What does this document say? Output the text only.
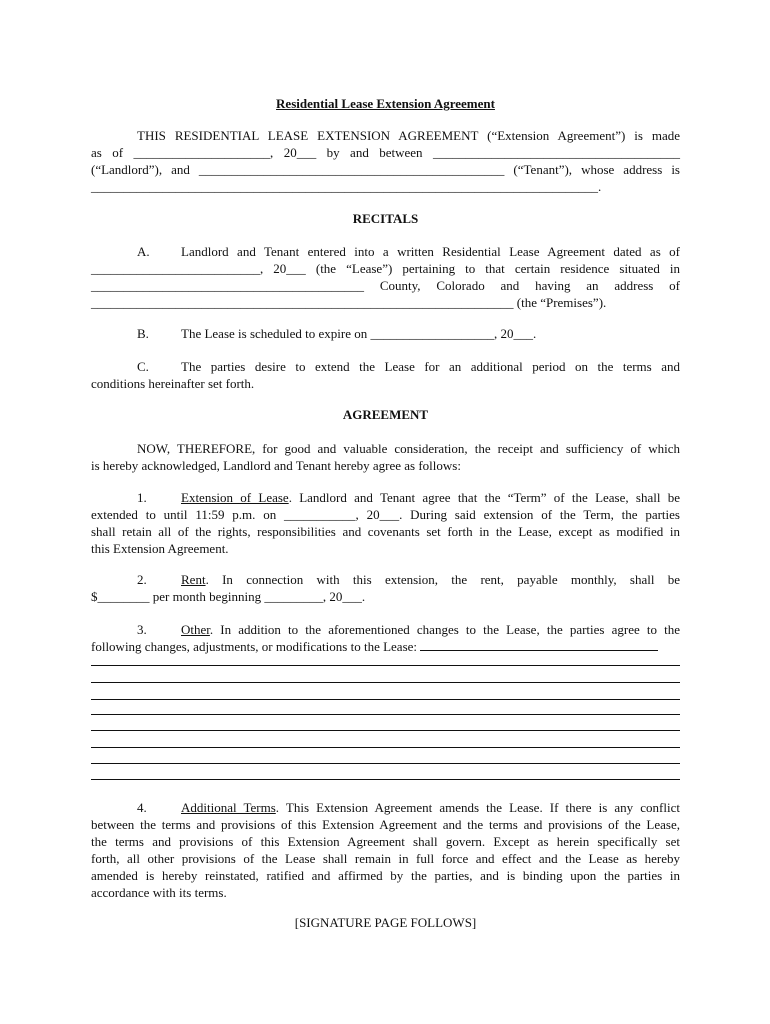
Residential Lease Extension Agreement
THIS RESIDENTIAL LEASE EXTENSION AGREEMENT (“Extension Agreement”) is made
as of _____________________, 20___ by and between ______________________________________
(“Landlord”), and _______________________________________________ (“Tenant”), whose address is
______________________________________________________________________________.
RECITALS
A. Landlord and Tenant entered into a written Residential Lease Agreement dated as of
__________________________, 20___ (the “Lease”) pertaining to that certain residence situated in
__________________________________________ County, Colorado and having an address of
_________________________________________________________________ (the “Premises”).
B. The Lease is scheduled to expire on ___________________, 20___.
C. The parties desire to extend the Lease for an additional period on the terms and
conditions hereinafter set forth.
AGREEMENT
NOW, THEREFORE, for good and valuable consideration, the receipt and sufficiency of which
is hereby acknowledged, Landlord and Tenant hereby agree as follows:
1.	Extension of Lease. Landlord and Tenant agree that the “Term” of the Lease, shall be
extended to until 11:59 p.m. on ___________, 20___. During said extension of the Term, the parties
shall retain all of the rights, responsibilities and covenants set forth in the Lease, except as modified in
this Extension Agreement.
2.	Rent. In connection with this extension, the rent, payable monthly, shall be
$________ per month beginning _________, 20___.
3.	Other. In addition to the aforementioned changes to the Lease, the parties agree to the
following changes, adjustments, or modifications to the Lease:
4.	Additional Terms. This Extension Agreement amends the Lease. If there is any conflict
between the terms and provisions of this Extension Agreement and the terms and provisions of the Lease,
the terms and provisions of this Extension Agreement shall govern. Except as herein specifically set
forth, all other provisions of the Lease shall remain in full force and effect and the Lease as hereby
amended is hereby reinstated, ratified and affirmed by the parties, and is binding upon the parties in
accordance with its terms.
[SIGNATURE PAGE FOLLOWS]
